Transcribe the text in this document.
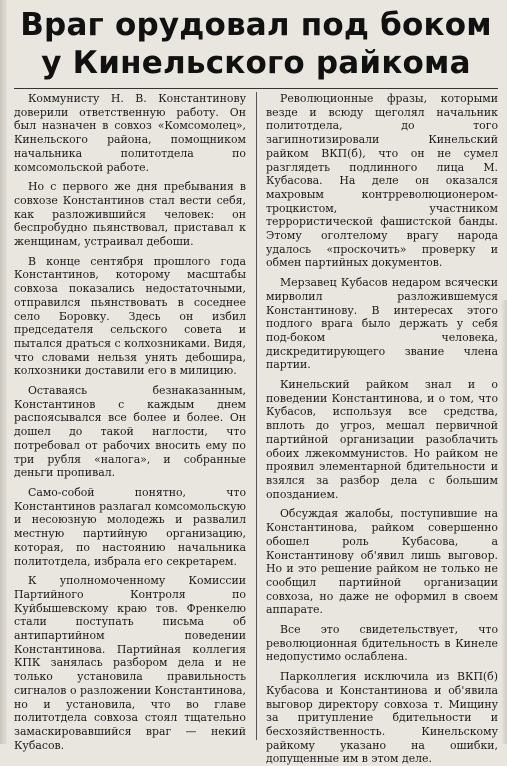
Враг орудовал под боком
у Кинельского райкома

Коммунисту Н. В. Константинову доверили ответственную работу. Он был назначен в совхоз «Комсомолец», Кинельского района, помощником начальника политотдела по комсомольской работе.

Но с первого же дня пребывания в совхозе Константинов стал вести себя, как разложившийся человек: он беспробудно пьянствовал, приставал к женщинам, устраивал дебоши.

В конце сентября прошлого года Константинов, которому масштабы совхоза показались недостаточными, отправился пьянствовать в соседнее село Боровку. Здесь он избил председателя сельского совета и пытался драться с колхозниками. Видя, что словами нельзя унять дебошира, колхозники доставили его в милицию.

Оставаясь безнаказанным, Константинов с каждым днем распоясывался все более и более. Он дошел до такой наглости, что потребовал от рабочих вносить ему по три рубля «налога», и собранные деньги пропивал.

Само-собой понятно, что Константинов разлагал комсомольскую и несоюзную молодежь и развалил местную партийную организацию, которая, по настоянию начальника политотдела, избрала его секретарем.

К уполномоченному Комиссии Партийного Контроля по Куйбышевскому краю тов. Френкелю стали поступать письма об антипартийном поведении Константинова. Партийная коллегия КПК занялась разбором дела и не только установила правильность сигналов о разложении Константинова, но и установила, что во главе политотдела совхоза стоял тщательно замаскировавшийся враг — некий Кубасов.

Революционные фразы, которыми везде и всюду щеголял начальник политотдела, до того загипнотизировали Кинельский райком ВКП(б), что он не сумел разглядеть подлинного лица М. Кубасова. На деле он оказался махровым контрреволюционером-троцкистом, участником террористической фашистской банды. Этому оголтелому врагу народа удалось «проскочить» проверку и обмен партийных документов.

Мерзавец Кубасов недаром всячески мирволил разложившемуся Константинову. В интересах этого подлого врага было держать у себя под-боком человека, дискредитирующего звание члена партии.

Кинельский райком знал и о поведении Константинова, и о том, что Кубасов, используя все средства, вплоть до угроз, мешал первичной партийной организации разоблачить обоих лжекоммунистов. Но райком не проявил элементарной бдительности и взялся за разбор дела с большим опозданием.

Обсуждая жалобы, поступившие на Константинова, райком совершенно обошел роль Кубасова, а Константинову об'явил лишь выговор. Но и это решение райком не только не сообщил партийной организации совхоза, но даже не оформил в своем аппарате.

Все это свидетельствует, что революционная бдительность в Кинеле недопустимо ослаблена.

Парколлегия исключила из ВКП(б) Кубасова и Константинова и об'явила выговор директору совхоза т. Мищину за притупление бдительности и бесхозяйственность. Кинельскому райкому указано на ошибки, допущенные им в этом деле.
